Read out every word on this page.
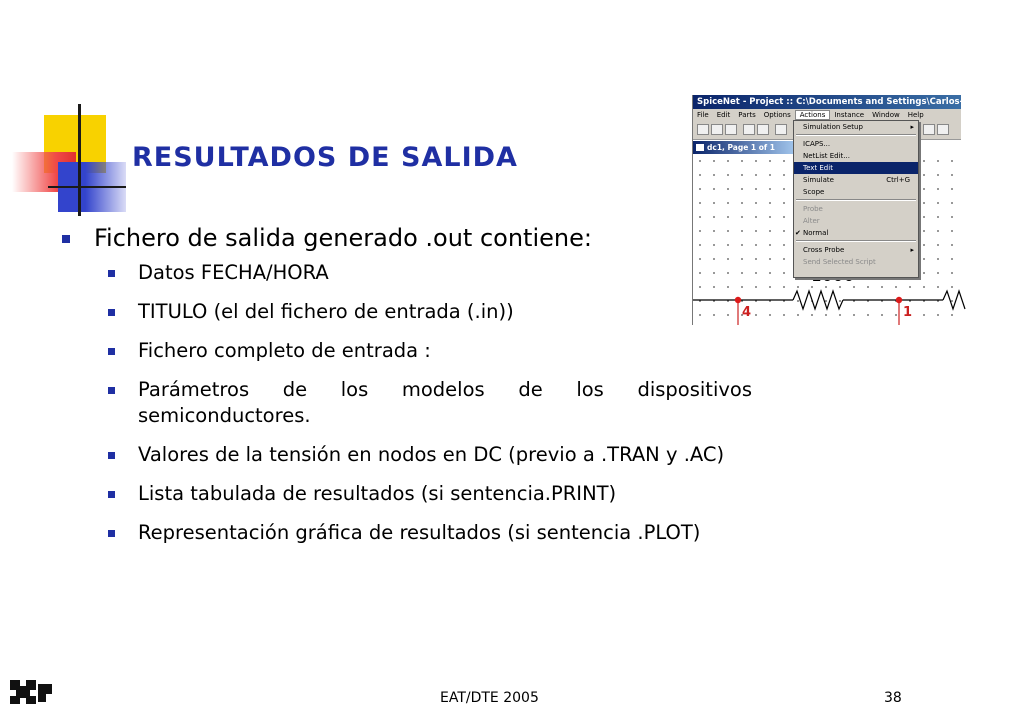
RESULTADOS DE SALIDA
SpiceNet - Project :: C:\Documents and Settings\Carlos-Amuchast
File Edit Parts Options Actions Instance Window Help
dc1, Page 1 of 1
4	1
Simulation Setup	▸
ICAPS...
NetList Edit...
Text Edit
Simulate	Ctrl+G
Scope
Probe
Alter
✔ Normal
Cross Probe	▸
Send Selected Script
Fichero de salida generado .out contiene:
Datos FECHA/HORA
TITULO (el del fichero de entrada (.in))
Fichero completo de entrada :
Parámetros de los modelos de los dispositivos semiconductores.
Valores de la tensión en nodos en DC (previo a .TRAN y .AC)
Lista tabulada de resultados (si sentencia.PRINT)
Representación gráfica de resultados (si sentencia .PLOT)
EAT/DTE 2005	38
